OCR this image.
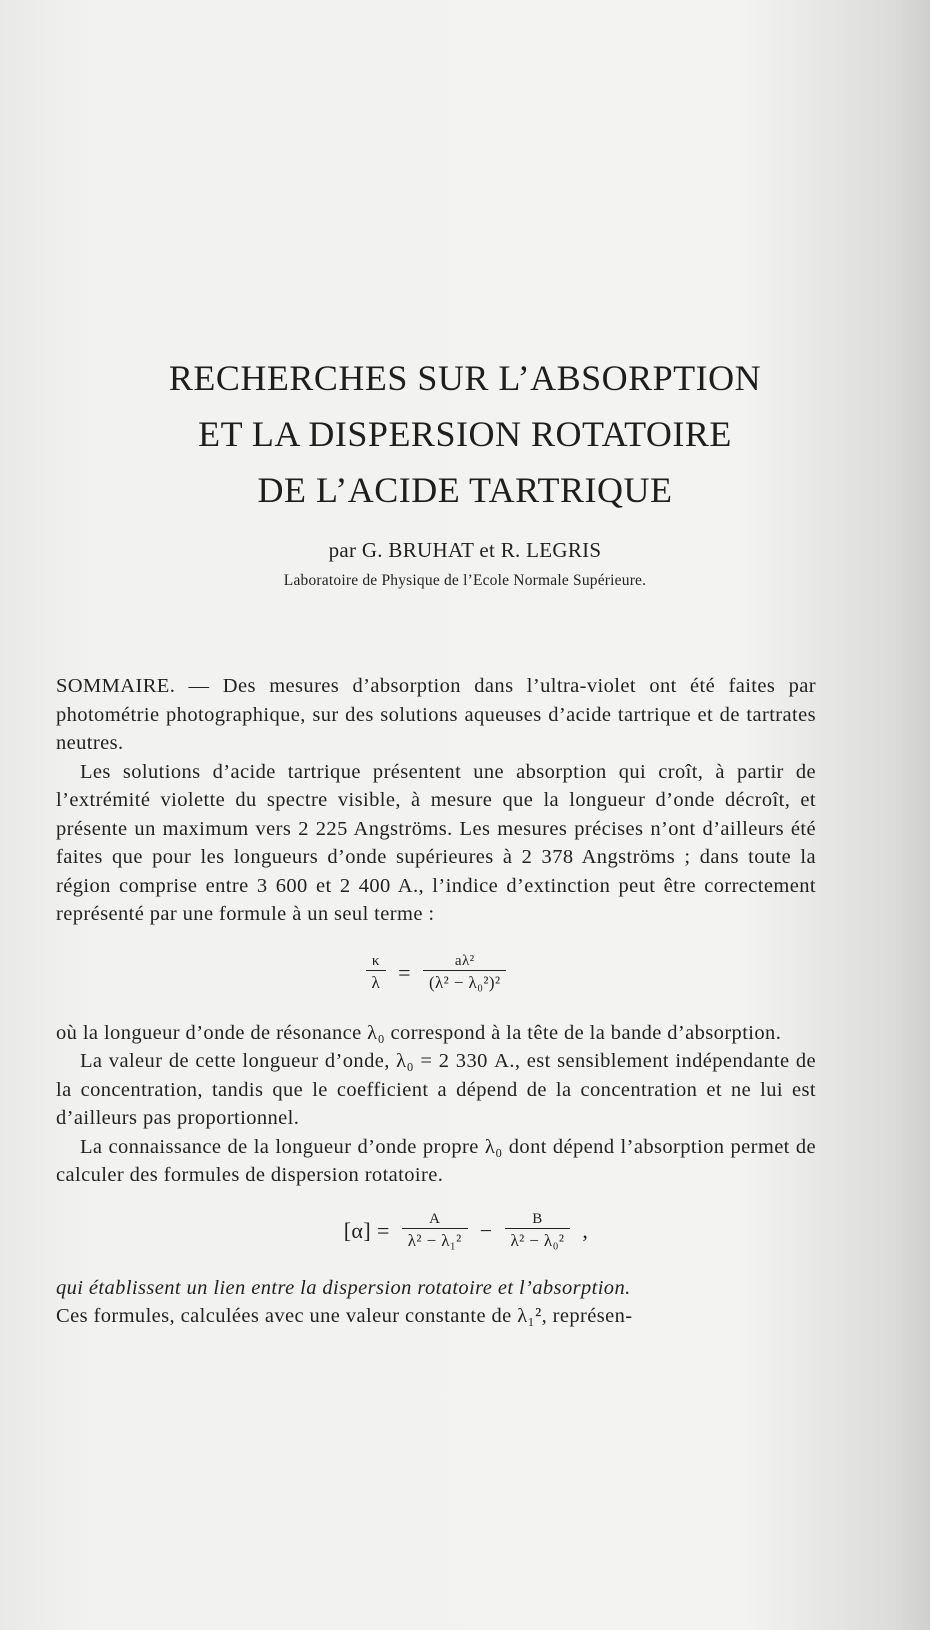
RECHERCHES SUR L’ABSORPTION
ET LA DISPERSION ROTATOIRE
DE L’ACIDE TARTRIQUE
par G. BRUHAT et R. LEGRIS
Laboratoire de Physique de l’Ecole Normale Supérieure.

SOMMAIRE. — Des mesures d’absorption dans l’ultra-violet ont été faites par photométrie photographique, sur des solutions aqueuses d’acide tartrique et de tartrates neutres.

Les solutions d’acide tartrique présentent une absorption qui croît, à partir de l’extrémité violette du spectre visible, à mesure que la longueur d’onde décroît, et présente un maximum vers 2 225 Angströms. Les mesures précises n’ont d’ailleurs été faites que pour les longueurs d’onde supérieures à 2 378 Angströms ; dans toute la région comprise entre 3 600 et 2 400 A., l’indice d’extinction peut être correctement représenté par une formule à un seul terme :

$\frac{\kappa}{\lambda} = \frac{\text{aλ²}}{\text{(λ² − λ₀²)²}}$

où la longueur d’onde de résonance λ₀ correspond à la tête de la bande d’absorption.

La valeur de cette longueur d’onde, λ₀ = 2 330 A., est sensiblement indépendante de la concentration, tandis que le coefficient a dépend de la concentration et ne lui est d’ailleurs pas proportionnel.

La connaissance de la longueur d’onde propre λ₀ dont dépend l’absorption permet de calculer des formules de dispersion rotatoire.

$[\alpha] = \frac{A}{\text{λ² − λ₁²}} - \frac{B}{\text{λ² − λ₀²}}$ ,

qui établissent un lien entre la dispersion rotatoire et l’absorption.

Ces formules, calculées avec une valeur constante de λ₁², représen-
